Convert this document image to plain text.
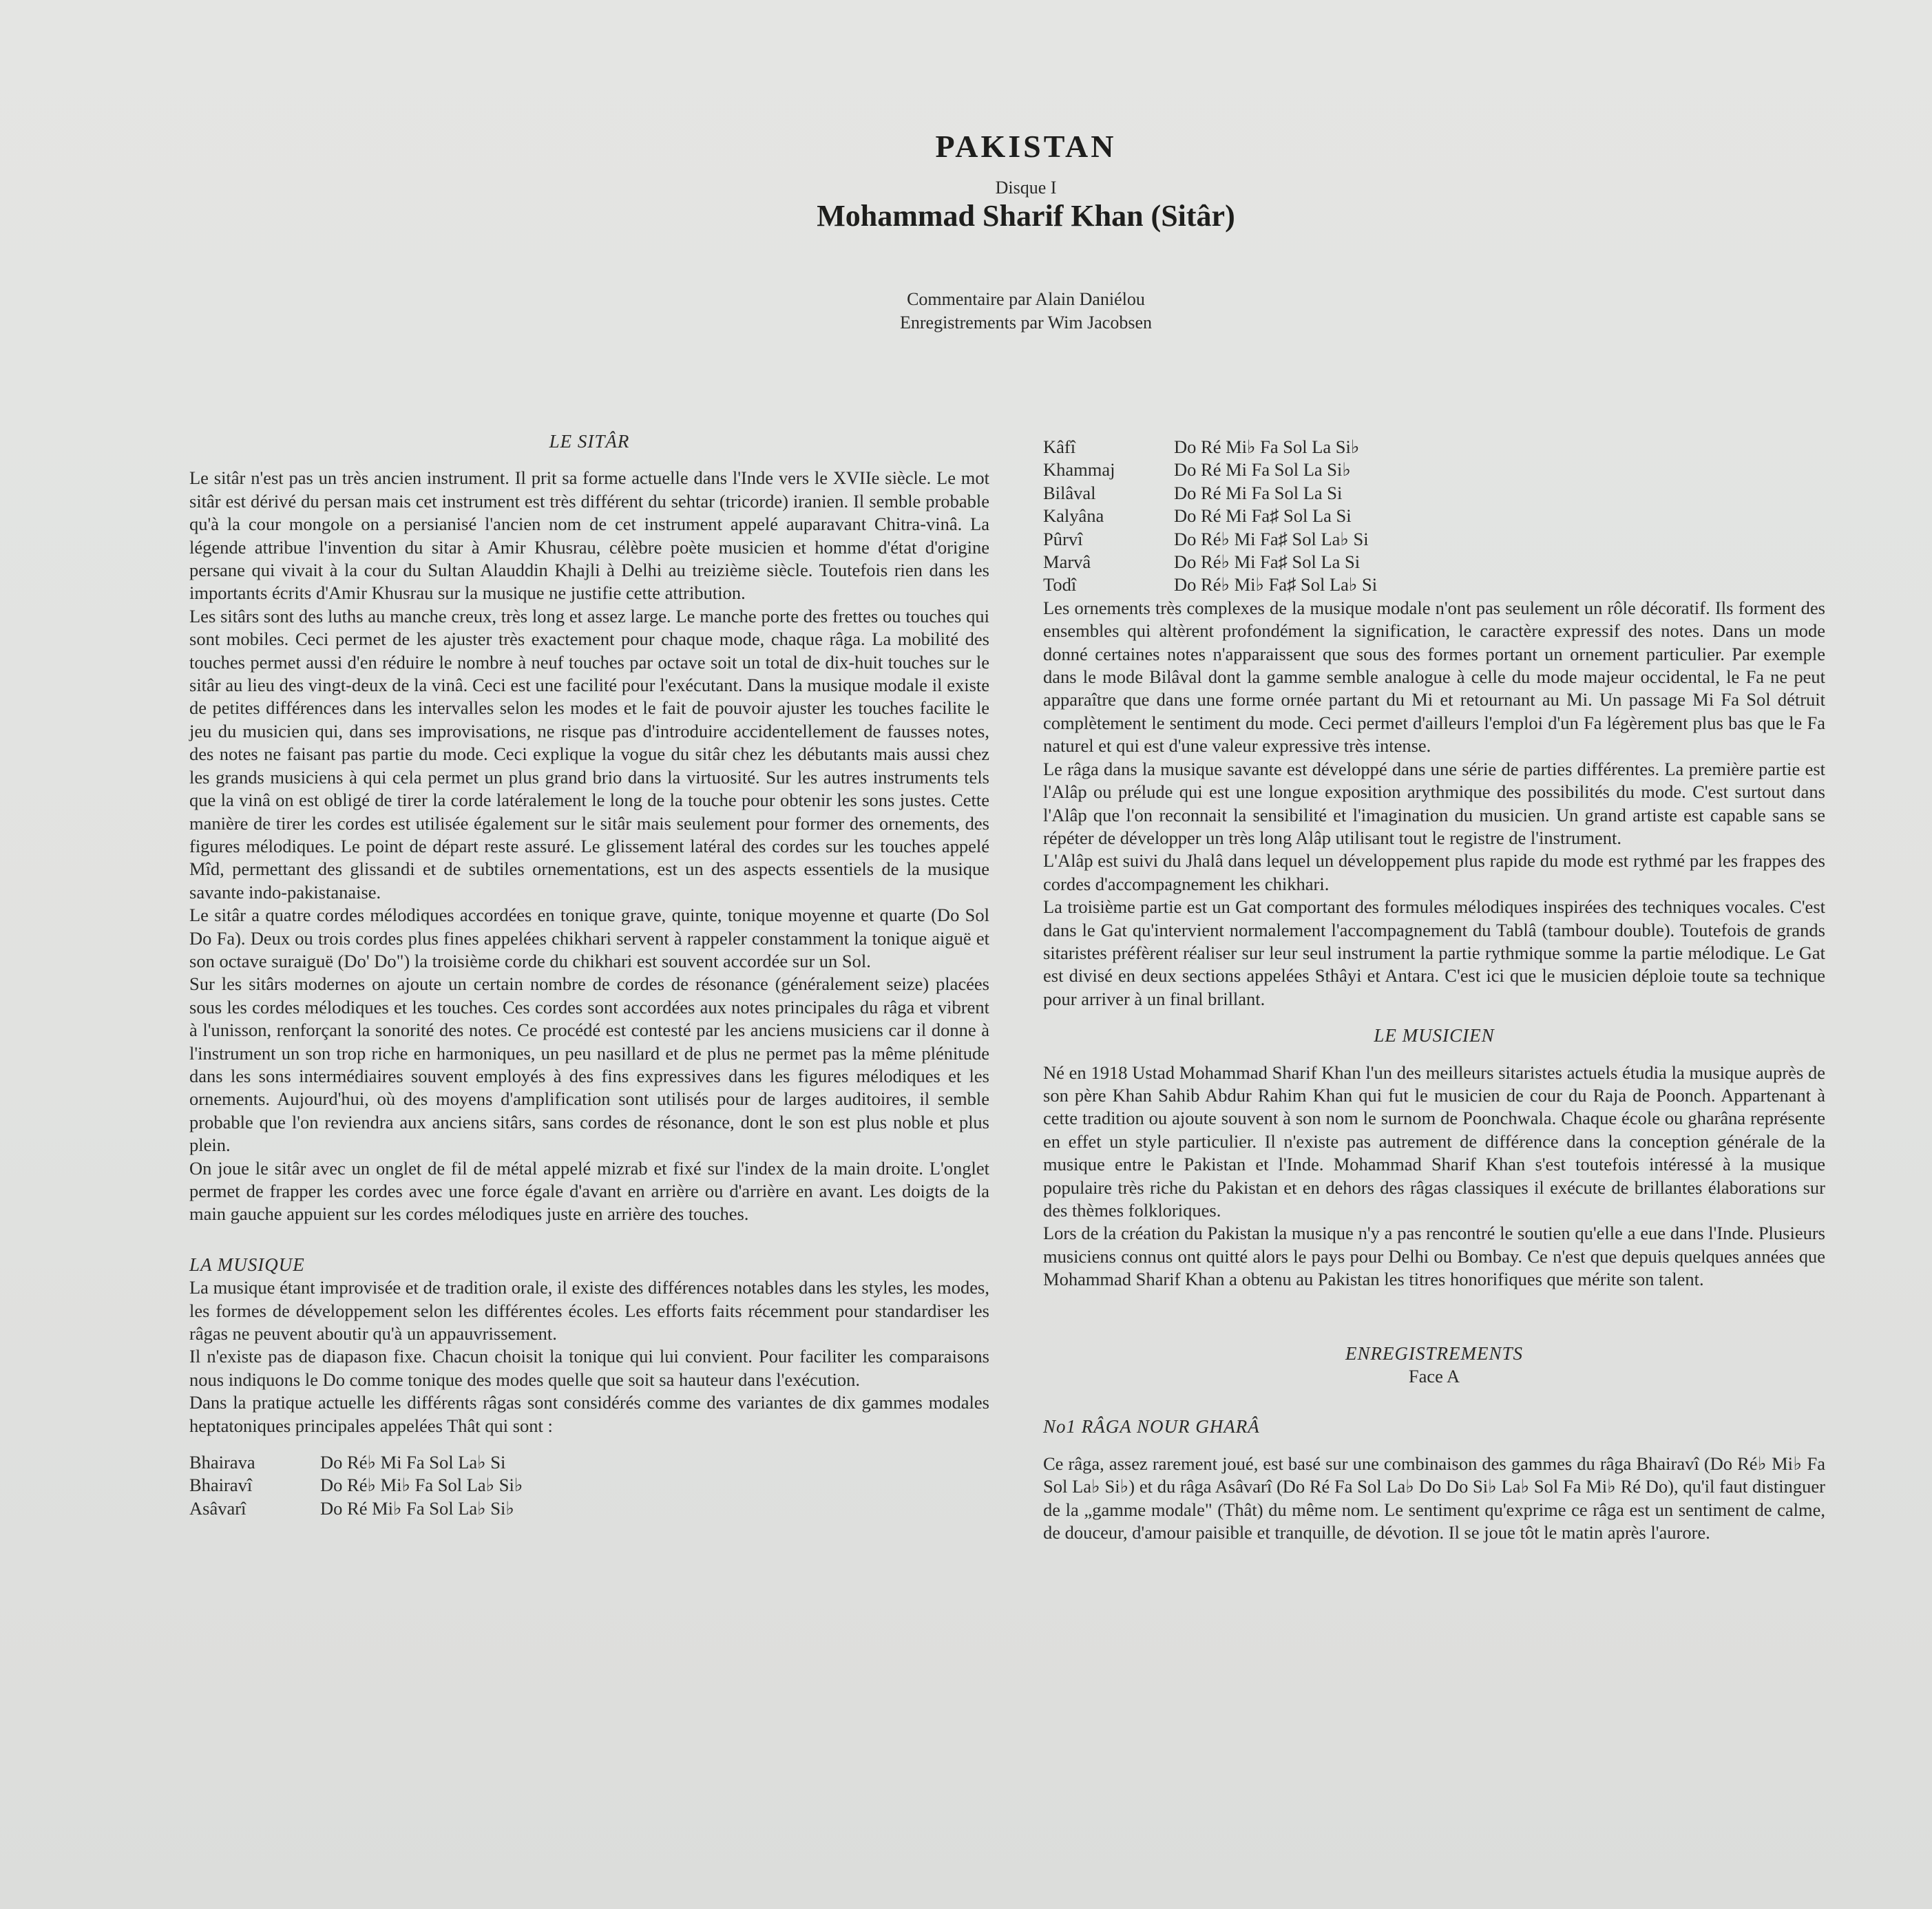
PAKISTAN
Disque I
Mohammad Sharif Khan (Sitâr)
Commentaire par Alain Daniélou
Enregistrements par Wim Jacobsen
LE SITÂR

Le sitâr n'est pas un très ancien instrument. Il prit sa forme actuelle dans l'Inde vers le XVIIe siècle. Le mot sitâr est dérivé du persan mais cet instrument est très différent du sehtar (tricorde) iranien. Il semble probable qu'à la cour mongole on a persianisé l'ancien nom de cet instrument appelé auparavant Chitra-vinâ. La légende attribue l'invention du sitar à Amir Khusrau, célèbre poète musicien et homme d'état d'origine persane qui vivait à la cour du Sultan Alauddin Khajli à Delhi au treizième siècle. Toutefois rien dans les importants écrits d'Amir Khusrau sur la musique ne justifie cette attribution.

Les sitârs sont des luths au manche creux, très long et assez large. Le manche porte des frettes ou touches qui sont mobiles. Ceci permet de les ajuster très exactement pour chaque mode, chaque râga. La mobilité des touches permet aussi d'en réduire le nombre à neuf touches par octave soit un total de dix-huit touches sur le sitâr au lieu des vingt-deux de la vinâ. Ceci est une facilité pour l'exécutant. Dans la musique modale il existe de petites différences dans les intervalles selon les modes et le fait de pouvoir ajuster les touches facilite le jeu du musicien qui, dans ses improvisations, ne risque pas d'introduire accidentellement de fausses notes, des notes ne faisant pas partie du mode. Ceci explique la vogue du sitâr chez les débutants mais aussi chez les grands musiciens à qui cela permet un plus grand brio dans la virtuosité. Sur les autres instruments tels que la vinâ on est obligé de tirer la corde latéralement le long de la touche pour obtenir les sons justes. Cette manière de tirer les cordes est utilisée également sur le sitâr mais seulement pour former des ornements, des figures mélodiques. Le point de départ reste assuré. Le glissement latéral des cordes sur les touches appelé Mîd, permettant des glissandi et de subtiles ornementations, est un des aspects essentiels de la musique savante indo-pakistanaise.

Le sitâr a quatre cordes mélodiques accordées en tonique grave, quinte, tonique moyenne et quarte (Do Sol Do Fa). Deux ou trois cordes plus fines appelées chikhari servent à rappeler constamment la tonique aiguë et son octave suraiguë (Do' Do") la troisième corde du chikhari est souvent accordée sur un Sol.

Sur les sitârs modernes on ajoute un certain nombre de cordes de résonance (généralement seize) placées sous les cordes mélodiques et les touches. Ces cordes sont accordées aux notes principales du râga et vibrent à l'unisson, renforçant la sonorité des notes. Ce procédé est contesté par les anciens musiciens car il donne à l'instrument un son trop riche en harmoniques, un peu nasillard et de plus ne permet pas la même plénitude dans les sons intermédiaires souvent employés à des fins expressives dans les figures mélodiques et les ornements. Aujourd'hui, où des moyens d'amplification sont utilisés pour de larges auditoires, il semble probable que l'on reviendra aux anciens sitârs, sans cordes de résonance, dont le son est plus noble et plus plein.

On joue le sitâr avec un onglet de fil de métal appelé mizrab et fixé sur l'index de la main droite. L'onglet permet de frapper les cordes avec une force égale d'avant en arrière ou d'arrière en avant. Les doigts de la main gauche appuient sur les cordes mélodiques juste en arrière des touches.

LA MUSIQUE

La musique étant improvisée et de tradition orale, il existe des différences notables dans les styles, les modes, les formes de développement selon les différentes écoles. Les efforts faits récemment pour standardiser les râgas ne peuvent aboutir qu'à un appauvrissement.

Il n'existe pas de diapason fixe. Chacun choisit la tonique qui lui convient. Pour faciliter les comparaisons nous indiquons le Do comme tonique des modes quelle que soit sa hauteur dans l'exécution.

Dans la pratique actuelle les différents râgas sont considérés comme des variantes de dix gammes modales heptatoniques principales appelées Thât qui sont :

Bhairava	Do Ré♭ Mi Fa Sol La♭ Si
Bhairavî	Do Ré♭ Mi♭ Fa Sol La♭ Si♭
Asâvarî	Do Ré Mi♭ Fa Sol La♭ Si♭
Kâfî	Do Ré Mi♭ Fa Sol La Si♭
Khammaj	Do Ré Mi Fa Sol La Si♭
Bilâval	Do Ré Mi Fa Sol La Si
Kalyâna	Do Ré Mi Fa♯ Sol La Si
Pûrvî	Do Ré♭ Mi Fa♯ Sol La♭ Si
Marvâ	Do Ré♭ Mi Fa♯ Sol La Si
Todî	Do Ré♭ Mi♭ Fa♯ Sol La♭ Si

Les ornements très complexes de la musique modale n'ont pas seulement un rôle décoratif. Ils forment des ensembles qui altèrent profondément la signification, le caractère expressif des notes. Dans un mode donné certaines notes n'apparaissent que sous des formes portant un ornement particulier. Par exemple dans le mode Bilâval dont la gamme semble analogue à celle du mode majeur occidental, le Fa ne peut apparaître que dans une forme ornée partant du Mi et retournant au Mi. Un passage Mi Fa Sol détruit complètement le sentiment du mode. Ceci permet d'ailleurs l'emploi d'un Fa légèrement plus bas que le Fa naturel et qui est d'une valeur expressive très intense.

Le râga dans la musique savante est développé dans une série de parties différentes. La première partie est l'Alâp ou prélude qui est une longue exposition arythmique des possibilités du mode. C'est surtout dans l'Alâp que l'on reconnait la sensibilité et l'imagination du musicien. Un grand artiste est capable sans se répéter de développer un très long Alâp utilisant tout le registre de l'instrument.

L'Alâp est suivi du Jhalâ dans lequel un développement plus rapide du mode est rythmé par les frappes des cordes d'accompagnement les chikhari.

La troisième partie est un Gat comportant des formules mélodiques inspirées des techniques vocales. C'est dans le Gat qu'intervient normalement l'accompagnement du Tablâ (tambour double). Toutefois de grands sitaristes préfèrent réaliser sur leur seul instrument la partie rythmique somme la partie mélodique. Le Gat est divisé en deux sections appelées Sthâyi et Antara. C'est ici que le musicien déploie toute sa technique pour arriver à un final brillant.

LE MUSICIEN

Né en 1918 Ustad Mohammad Sharif Khan l'un des meilleurs sitaristes actuels étudia la musique auprès de son père Khan Sahib Abdur Rahim Khan qui fut le musicien de cour du Raja de Poonch. Appartenant à cette tradition ou ajoute souvent à son nom le surnom de Poonchwala. Chaque école ou gharâna représente en effet un style particulier. Il n'existe pas autrement de différence dans la conception générale de la musique entre le Pakistan et l'Inde. Mohammad Sharif Khan s'est toutefois intéressé à la musique populaire très riche du Pakistan et en dehors des râgas classiques il exécute de brillantes élaborations sur des thèmes folkloriques.

Lors de la création du Pakistan la musique n'y a pas rencontré le soutien qu'elle a eue dans l'Inde. Plusieurs musiciens connus ont quitté alors le pays pour Delhi ou Bombay. Ce n'est que depuis quelques années que Mohammad Sharif Khan a obtenu au Pakistan les titres honorifiques que mérite son talent.

ENREGISTREMENTS
Face A
No1 RÂGA NOUR GHARÂ

Ce râga, assez rarement joué, est basé sur une combinaison des gammes du râga Bhairavî (Do Ré♭ Mi♭ Fa Sol La♭ Si♭) et du râga Asâvarî (Do Ré Fa Sol La♭ Do Do Si♭ La♭ Sol Fa Mi♭ Ré Do), qu'il faut distinguer de la „gamme modale" (Thât) du même nom. Le sentiment qu'exprime ce râga est un sentiment de calme, de douceur, d'amour paisible et tranquille, de dévotion. Il se joue tôt le matin après l'aurore.
